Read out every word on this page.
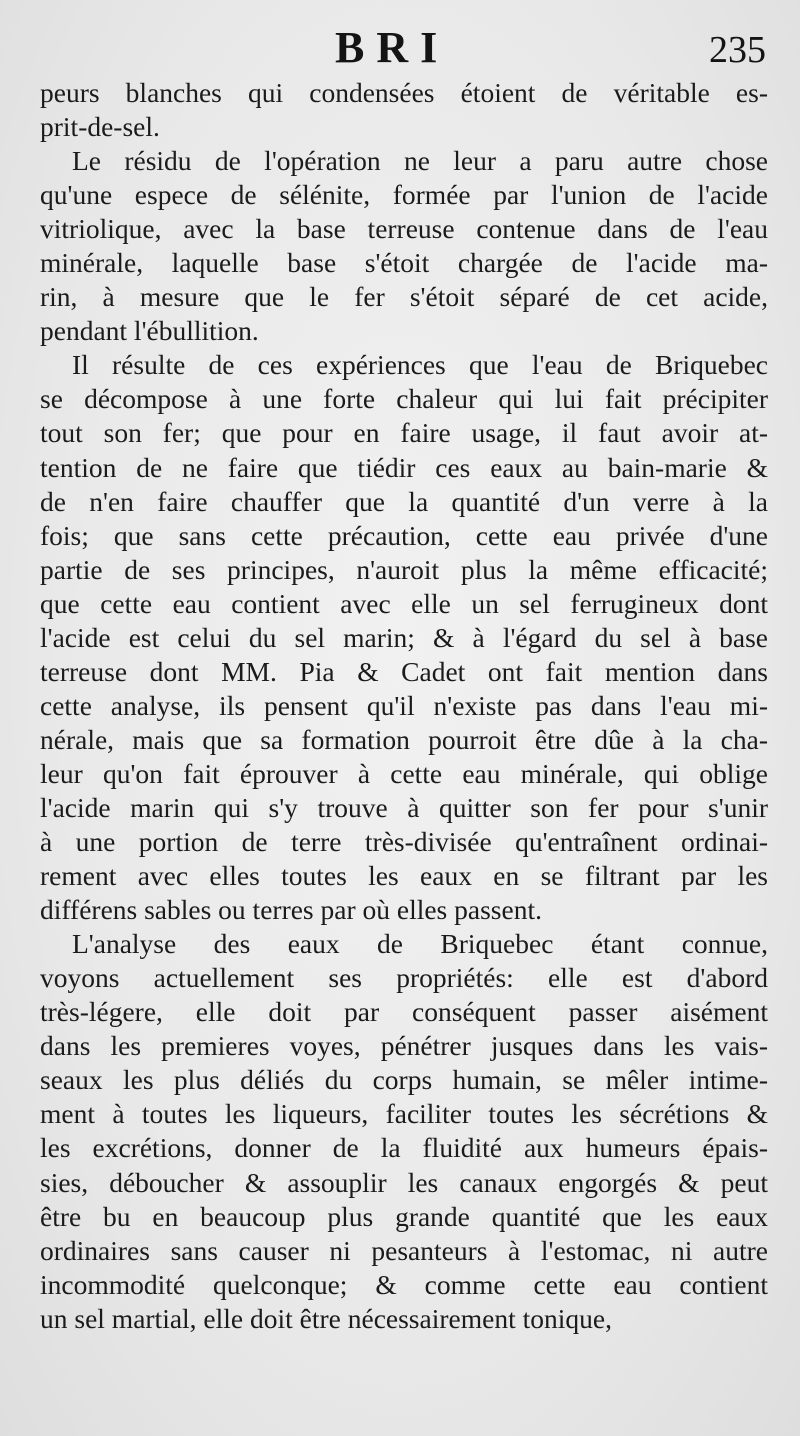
BRI	235
peurs blanches qui condensées étoient de véritable es-
prit-de-sel.
Le résidu de l'opération ne leur a paru autre chose
qu'une espece de sélénite, formée par l'union de l'acide
vitriolique, avec la base terreuse contenue dans de l'eau
minérale, laquelle base s'étoit chargée de l'acide ma-
rin, à mesure que le fer s'étoit séparé de cet acide,
pendant l'ébullition.
Il résulte de ces expériences que l'eau de Briquebec
se décompose à une forte chaleur qui lui fait précipiter
tout son fer; que pour en faire usage, il faut avoir at-
tention de ne faire que tiédir ces eaux au bain-marie &
de n'en faire chauffer que la quantité d'un verre à la
fois; que sans cette précaution, cette eau privée d'une
partie de ses principes, n'auroit plus la même efficacité;
que cette eau contient avec elle un sel ferrugineux dont
l'acide est celui du sel marin; & à l'égard du sel à base
terreuse dont MM. Pia & Cadet ont fait mention dans
cette analyse, ils pensent qu'il n'existe pas dans l'eau mi-
nérale, mais que sa formation pourroit être dûe à la cha-
leur qu'on fait éprouver à cette eau minérale, qui oblige
l'acide marin qui s'y trouve à quitter son fer pour s'unir
à une portion de terre très-divisée qu'entraînent ordinai-
rement avec elles toutes les eaux en se filtrant par les
différens sables ou terres par où elles passent.
L'analyse des eaux de Briquebec étant connue,
voyons actuellement ses propriétés: elle est d'abord
très-légere, elle doit par conséquent passer aisément
dans les premieres voyes, pénétrer jusques dans les vais-
seaux les plus déliés du corps humain, se mêler intime-
ment à toutes les liqueurs, faciliter toutes les sécrétions &
les excrétions, donner de la fluidité aux humeurs épais-
sies, déboucher & assouplir les canaux engorgés & peut
être bu en beaucoup plus grande quantité que les eaux
ordinaires sans causer ni pesanteurs à l'estomac, ni autre
incommodité quelconque; & comme cette eau contient
un sel martial, elle doit être nécessairement tonique,
